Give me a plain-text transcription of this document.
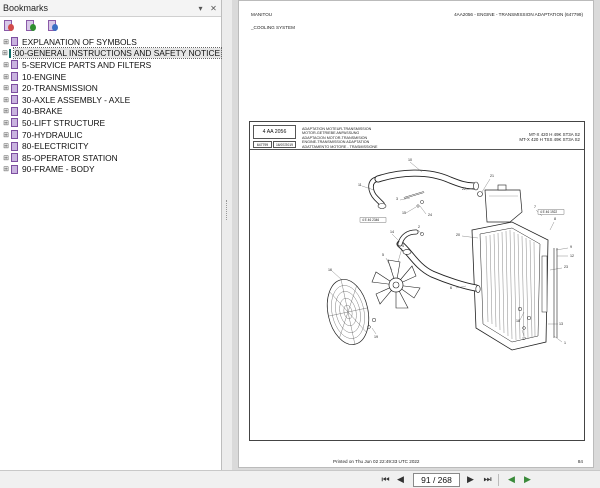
Bookmarks	▾ ✕
⊞ EXPLANATION OF SYMBOLS
⊞ 00-GENERAL INSTRUCTIONS AND SAFETY NOTICE
⊞ 5-SERVICE PARTS AND FILTERS
⊞ 10-ENGINE
⊞ 20-TRANSMISSION
⊞ 30-AXLE ASSEMBLY - AXLE
⊞ 40-BRAKE
⊞ 50-LIFT STRUCTURE
⊞ 70-HYDRAULIC
⊞ 80-ELECTRICITY
⊞ 85-OPERATOR STATION
⊞ 90-FRAME - BODY
MANITOU	4AA2056 - ENGINE - TRANSMISSION ADAPTATION (647799)
_COOLING SYSTEM
4 AA 2056
647799	16/07/2019
ADAPTATION MOTEUR-TRANSMISSION
MOTOR-GETRIEBE ANPASSUNG
ADAPTACION MOTOR-TRANSMISION
ENGINE-TRANSMISSION ADAPTATION
ADATTAMENTO MOTORE - TRASMISSIONE
MT-X 420 H 49K ST3A S2
MT-X 420 H TSS 49K ST3A S2
10
11
3
15	24
14
2
16
4
5
6
7
8
9
12
13
17
18
19
20
21
22
23
1
4 E 46 1922
4 E 46 2346
Printed on Thu Jun 02 22:49:33 UTC 2022	84
⏮ ◀
91 / 268	▶	⏭	◀	▶
